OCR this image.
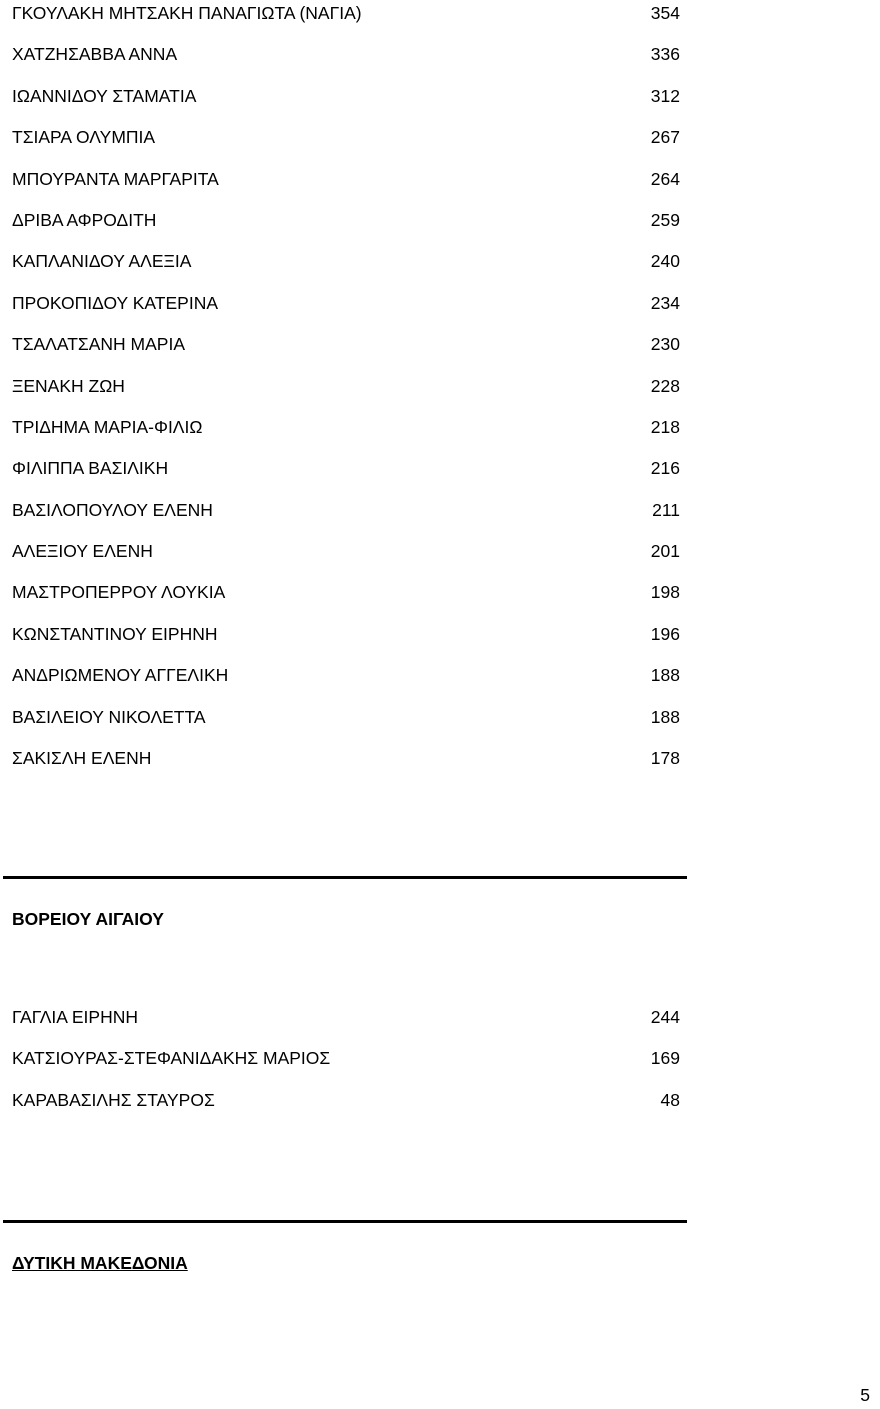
ΓΚΟΥΛΑΚΗ ΜΗΤΣΑΚΗ ΠΑΝΑΓΙΩΤΑ (ΝΑΓΙΑ)	354
ΧΑΤΖΗΣΑΒΒΑ ΑΝΝΑ	336
ΙΩΑΝΝΙΔΟΥ ΣΤΑΜΑΤΙΑ	312
ΤΣΙΑΡΑ ΟΛΥΜΠΙΑ	267
ΜΠΟΥΡΑΝΤΑ ΜΑΡΓΑΡΙΤΑ	264
ΔΡΙΒΑ ΑΦΡΟΔΙΤΗ	259
ΚΑΠΛΑΝΙΔΟΥ ΑΛΕΞΙΑ	240
ΠΡΟΚΟΠΙΔΟΥ ΚΑΤΕΡΙΝΑ	234
ΤΣΑΛΑΤΣΑΝΗ ΜΑΡΙΑ	230
ΞΕΝΑΚΗ ΖΩΗ	228
ΤΡΙΔΗΜΑ ΜΑΡΙΑ-ΦΙΛΙΩ	218
ΦΙΛΙΠΠΑ ΒΑΣΙΛΙΚΗ	216
ΒΑΣΙΛΟΠΟΥΛΟΥ ΕΛΕΝΗ	211
ΑΛΕΞΙΟΥ ΕΛΕΝΗ	201
ΜΑΣΤΡΟΠΕΡΡΟΥ ΛΟΥΚΙΑ	198
ΚΩΝΣΤΑΝΤΙΝΟΥ ΕΙΡΗΝΗ	196
ΑΝΔΡΙΩΜΕΝΟΥ ΑΓΓΕΛΙΚΗ	188
ΒΑΣΙΛΕΙΟΥ ΝΙΚΟΛΕΤΤΑ	188
ΣΑΚΙΣΛΗ ΕΛΕΝΗ	178
ΒΟΡΕΙΟΥ ΑΙΓΑΙΟΥ
ΓΑΓΛΙΑ ΕΙΡΗΝΗ	244
ΚΑΤΣΙΟΥΡΑΣ-ΣΤΕΦΑΝΙΔΑΚΗΣ ΜΑΡΙΟΣ	169
ΚΑΡΑΒΑΣΙΛΗΣ ΣΤΑΥΡΟΣ	48
ΔΥΤΙΚΗ ΜΑΚΕΔΟΝΙΑ
5
